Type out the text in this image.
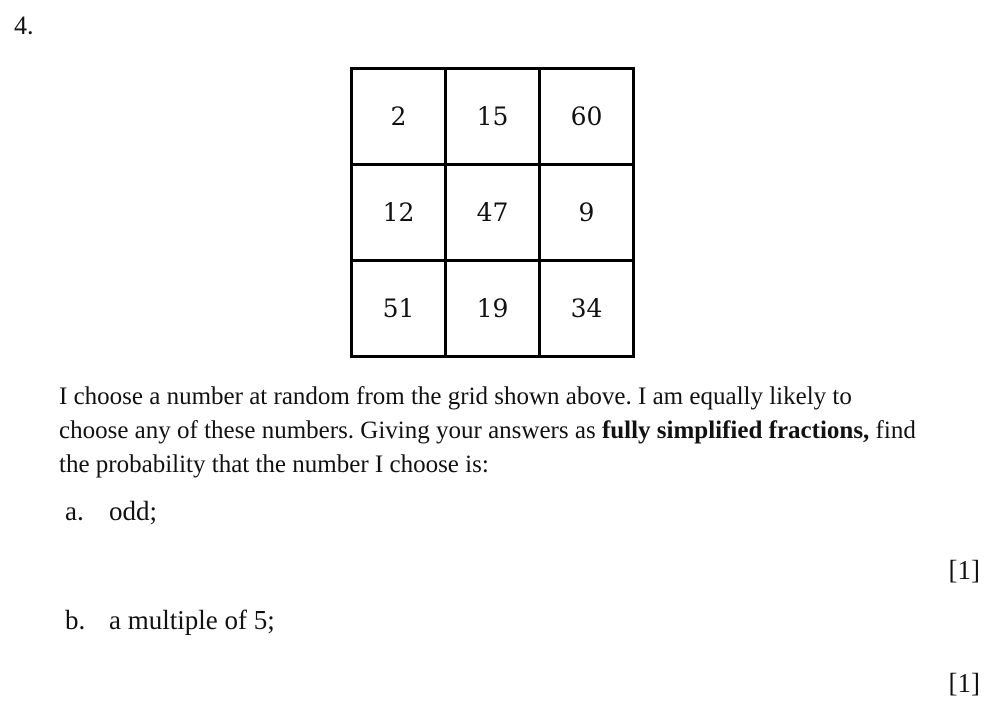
4.
2	15	60
12	47	9
51	19	34
I choose a number at random from the grid shown above. I am equally likely to
choose any of these numbers. Giving your answers as fully simplified fractions, find
the probability that the number I choose is:
a. odd;
[1]
b. a multiple of 5;
[1]
